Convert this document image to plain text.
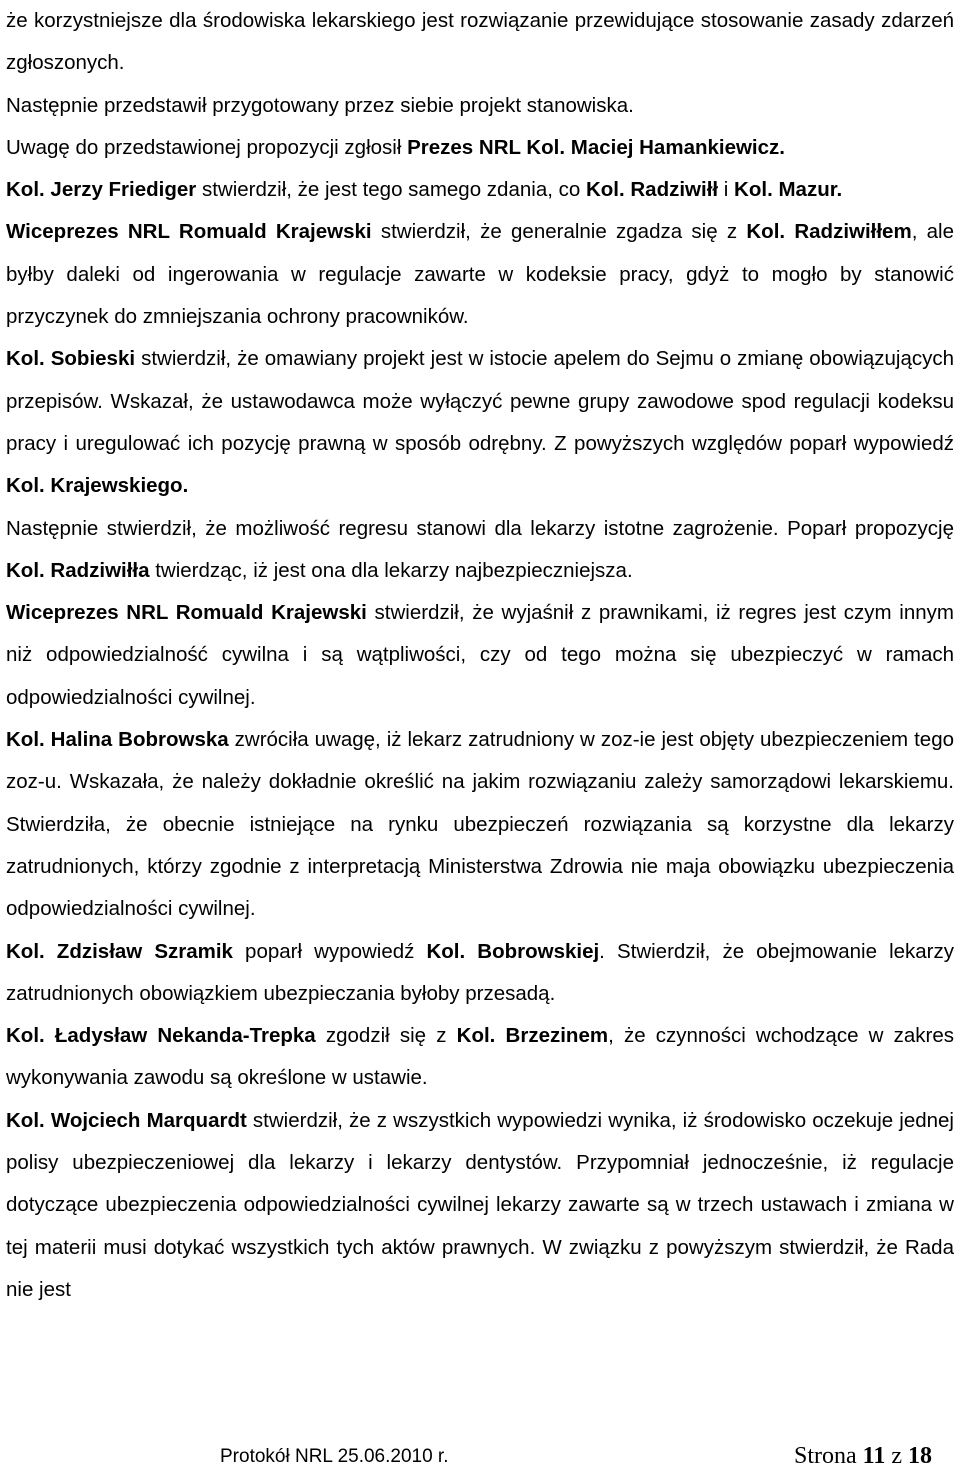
że korzystniejsze dla środowiska lekarskiego jest rozwiązanie przewidujące stosowanie zasady zdarzeń zgłoszonych.

Następnie przedstawił przygotowany przez siebie projekt stanowiska.

Uwagę do przedstawionej propozycji zgłosił Prezes NRL Kol. Maciej Hamankiewicz.

Kol. Jerzy Friediger stwierdził, że jest tego samego zdania, co Kol. Radziwiłł i Kol. Mazur.

Wiceprezes NRL Romuald Krajewski stwierdził, że generalnie zgadza się z Kol. Radziwiłłem, ale byłby daleki od ingerowania w regulacje zawarte w kodeksie pracy, gdyż to mogło by stanowić przyczynek do zmniejszania ochrony pracowników.

Kol. Sobieski stwierdził, że omawiany projekt jest w istocie apelem do Sejmu o zmianę obowiązujących przepisów. Wskazał, że ustawodawca może wyłączyć pewne grupy zawodowe spod regulacji kodeksu pracy i uregulować ich pozycję prawną w sposób odrębny. Z powyższych względów poparł wypowiedź Kol. Krajewskiego.

Następnie stwierdził, że możliwość regresu stanowi dla lekarzy istotne zagrożenie. Poparł propozycję Kol. Radziwiłła twierdząc, iż jest ona dla lekarzy najbezpieczniejsza.

Wiceprezes NRL Romuald Krajewski stwierdził, że wyjaśnił z prawnikami, iż regres jest czym innym niż odpowiedzialność cywilna i są wątpliwości, czy od tego można się ubezpieczyć w ramach odpowiedzialności cywilnej.

Kol. Halina Bobrowska zwróciła uwagę, iż lekarz zatrudniony w zoz-ie jest objęty ubezpieczeniem tego zoz-u. Wskazała, że należy dokładnie określić na jakim rozwiązaniu zależy samorządowi lekarskiemu. Stwierdziła, że obecnie istniejące na rynku ubezpieczeń rozwiązania są korzystne dla lekarzy zatrudnionych, którzy zgodnie z interpretacją Ministerstwa Zdrowia nie maja obowiązku ubezpieczenia odpowiedzialności cywilnej.

Kol. Zdzisław Szramik poparł wypowiedź Kol. Bobrowskiej. Stwierdził, że obejmowanie lekarzy zatrudnionych obowiązkiem ubezpieczania byłoby przesadą.

Kol. Ładysław Nekanda-Trepka zgodził się z Kol. Brzezinem, że czynności wchodzące w zakres wykonywania zawodu są określone w ustawie.

Kol. Wojciech Marquardt stwierdził, że z wszystkich wypowiedzi wynika, iż środowisko oczekuje jednej polisy ubezpieczeniowej dla lekarzy i lekarzy dentystów. Przypomniał jednocześnie, iż regulacje dotyczące ubezpieczenia odpowiedzialności cywilnej lekarzy zawarte są w trzech ustawach i zmiana w tej materii musi dotykać wszystkich tych aktów prawnych. W związku z powyższym stwierdził, że Rada nie jest

Protokół NRL 25.06.2010 r.	Strona 11 z 18
